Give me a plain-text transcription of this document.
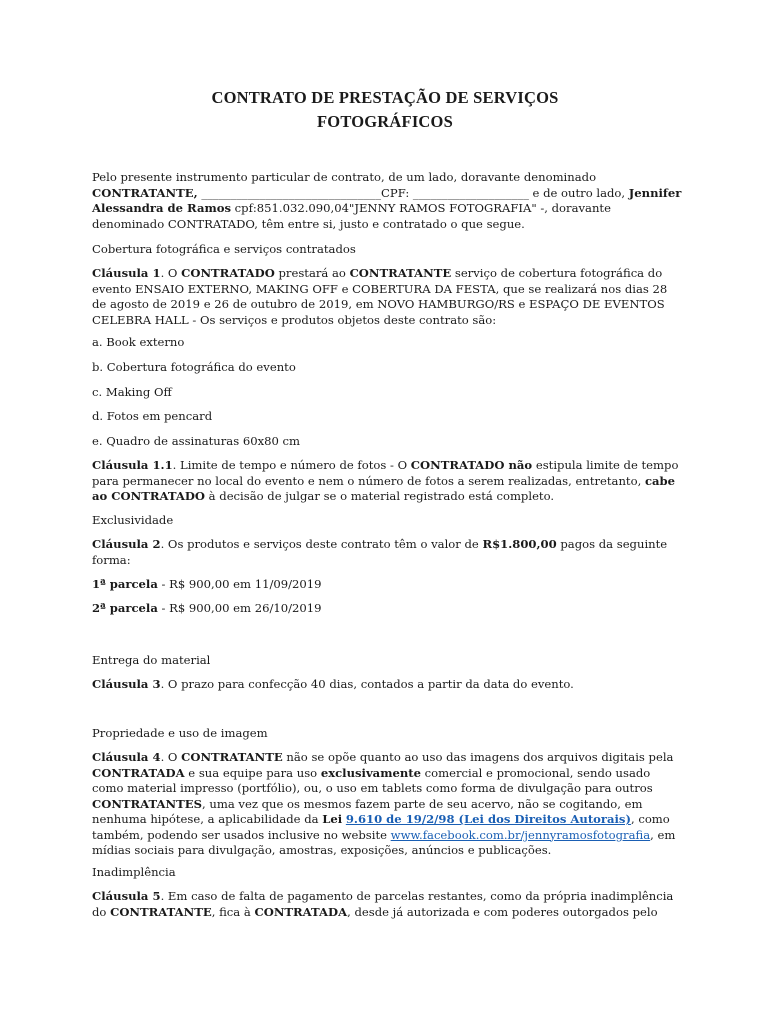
CONTRATO DE PRESTAÇÃO DE SERVIÇOS
FOTOGRÁFICOS

Pelo presente instrumento particular de contrato, de um lado, doravante denominado CONTRATANTE, _______________________________CPF: ____________________ e de outro lado, Jennifer Alessandra de Ramos cpf:851.032.090,04"JENNY RAMOS FOTOGRAFIA" -, doravante denominado CONTRATADO, têm entre si, justo e contratado o que segue.

Cobertura fotográfica e serviços contratados

Cláusula 1. O CONTRATADO prestará ao CONTRATANTE serviço de cobertura fotográfica do evento ENSAIO EXTERNO, MAKING OFF e COBERTURA DA FESTA, que se realizará nos dias 28 de agosto de 2019 e 26 de outubro de 2019, em NOVO HAMBURGO/RS e ESPAÇO DE EVENTOS CELEBRA HALL - Os serviços e produtos objetos deste contrato são:

a. Book externo

b. Cobertura fotográfica do evento

c. Making Off

d. Fotos em pencard

e. Quadro de assinaturas 60x80 cm

Cláusula 1.1. Limite de tempo e número de fotos - O CONTRATADO não estipula limite de tempo para permanecer no local do evento e nem o número de fotos a serem realizadas, entretanto, cabe ao CONTRATADO à decisão de julgar se o material registrado está completo.

Exclusividade

Cláusula 2. Os produtos e serviços deste contrato têm o valor de R$1.800,00 pagos da seguinte forma:

1ª parcela - R$ 900,00 em 11/09/2019

2ª parcela - R$ 900,00 em 26/10/2019

Entrega do material

Cláusula 3. O prazo para confecção 40 dias, contados a partir da data do evento.

Propriedade e uso de imagem

Cláusula 4. O CONTRATANTE não se opõe quanto ao uso das imagens dos arquivos digitais pela CONTRATADA e sua equipe para uso exclusivamente comercial e promocional, sendo usado como material impresso (portfólio), ou, o uso em tablets como forma de divulgação para outros CONTRATANTES, uma vez que os mesmos fazem parte de seu acervo, não se cogitando, em nenhuma hipótese, a aplicabilidade da Lei 9.610 de 19/2/98 (Lei dos Direitos Autorais), como também, podendo ser usados inclusive no website www.facebook.com.br/jennyramosfotografia, em mídias sociais para divulgação, amostras, exposições, anúncios e publicações.

Inadimplência

Cláusula 5. Em caso de falta de pagamento de parcelas restantes, como da própria inadimplência do CONTRATANTE, fica à CONTRATADA, desde já autorizada e com poderes outorgados pelo
